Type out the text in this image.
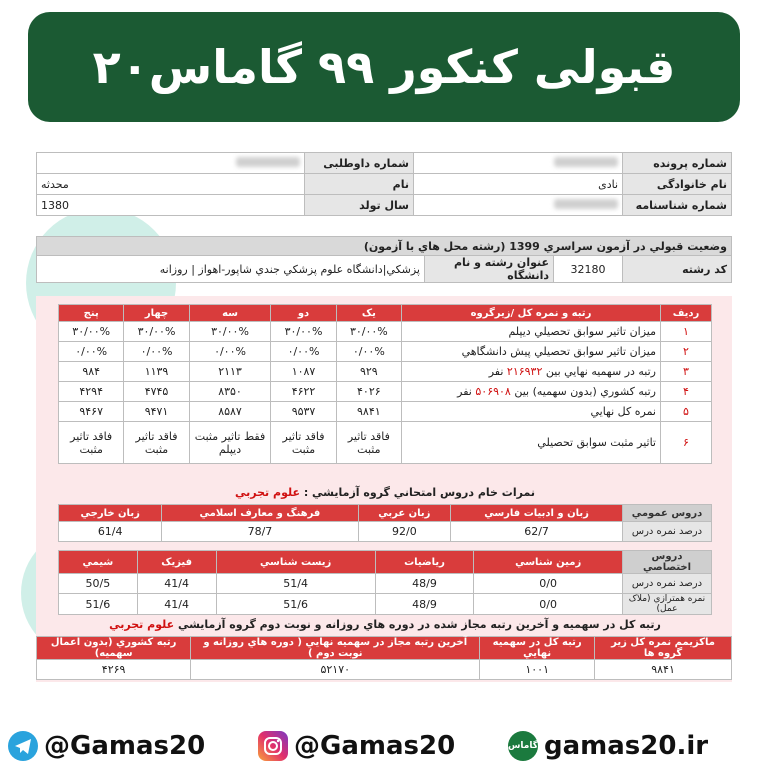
قبولی کنکور ۹۹ گاماس۲۰
شماره پرونده		شماره داوطلبی	
نام خانوادگی	نادی	نام	محدثه
شماره شناسنامه		سال تولد	1380
وضعيت قبولي در آزمون سراسري 1399 (رشته محل هاي با آزمون)
کد رشته	32180	عنوان رشته و نام دانشگاه	پزشكي|دانشگاه علوم پزشكي جندي شاپور-اهواز | روزانه
رديف	رتبه و نمره كل /زيرگروه	يک	دو	سه	چهار	پنج
۱	ميزان تاثير سوابق تحصيلي ديپلم	۳۰/۰۰%	۳۰/۰۰%	۳۰/۰۰%	۳۰/۰۰%	۳۰/۰۰%
۲	ميزان تاثير سوابق تحصيلي پيش دانشگاهي	۰/۰۰%	۰/۰۰%	۰/۰۰%	۰/۰۰%	۰/۰۰%
۳	رتبه در سهميه نهايي بين ۲۱۶۹۳۲ نفر	۹۲۹	۱۰۸۷	۲۱۱۳	۱۱۳۹	۹۸۴
۴	رتبه كشوري (بدون سهميه) بين ۵۰۶۹۰۸ نفر	۴۰۲۶	۴۶۲۲	۸۳۵۰	۴۷۴۵	۴۲۹۴
۵	نمره كل نهايي	۹۸۴۱	۹۵۳۷	۸۵۸۷	۹۴۷۱	۹۴۶۷
۶	تاثير مثبت سوابق تحصيلي	فاقد تاثير مثبت	فاقد تاثير مثبت	فقط تاثير مثبت ديپلم	فاقد تاثير مثبت	فاقد تاثير مثبت
نمرات خام دروس امتحاني گروه آزمايشي : علوم تجربي
دروس عمومي	زبان و ادبيات فارسي	زبان عربي	فرهنگ و معارف اسلامي	زبان خارجي
درصد نمره درس	62/7	92/0	78/7	61/4
دروس اختصاصي	زمين شناسي	رياضيات	زيست شناسي	فيزيک	شيمي
درصد نمره درس	0/0	48/9	51/4	41/4	50/5
نمره همترازي (ملاک عمل)	0/0	48/9	51/6	41/4	51/6
رتبه کل در سهميه و آخرين رتبه مجاز شده در دوره هاي روزانه و نوبت دوم گروه آزمايشي علوم تجربي
ماكزيمم نمره كل زير گروه ها	رتبه كل در سهميه نهايي	آخرين رتبه مجاز در سهميه نهايي ( دوره هاي روزانه و نوبت دوم )	رتبه كشوري (بدون اعمال سهميه)
۹۸۴۱	۱۰۰۱	۵۲۱۷۰	۴۲۶۹
@Gamas20	@Gamas20	گاماس gamas20.ir
